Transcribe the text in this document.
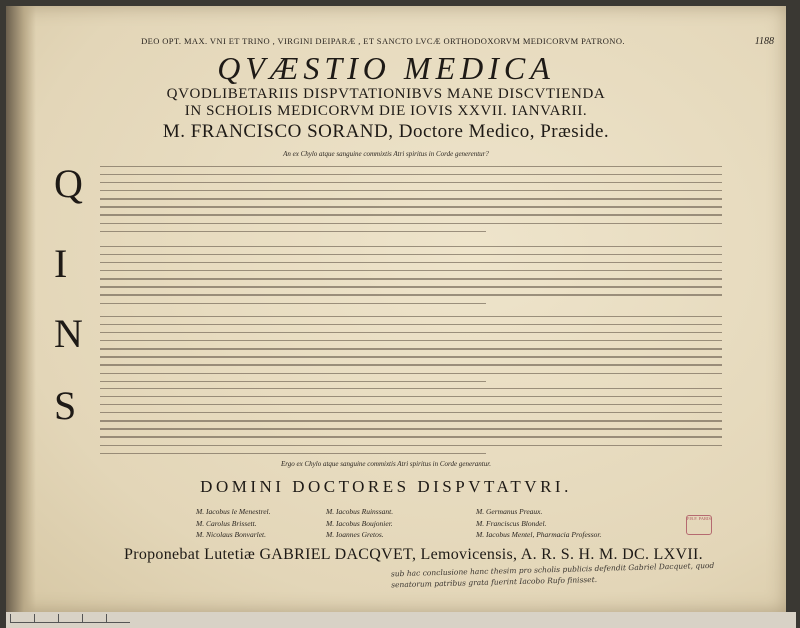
DEO OPT. MAX. VNI ET TRINO , VIRGINI DEIPARÆ , ET SANCTO LVCÆ ORTHODOXORVM MEDICORVM PATRONO.	1188
QVÆSTIO MEDICA
QVODLIBETARIIS DISPVTATIONIBVS MANE DISCVTIENDA
IN SCHOLIS MEDICORVM DIE IOVIS XXVII. IANVARII.
M. FRANCISCO SORAND, Doctore Medico, Præside.
An ex Chylo atque sanguine commixtis Atri spiritus in Corde generentur?
Q
I
N
S
Ergo ex Chylo atque sanguine commixtis Atri spiritus in Corde generantur.
DOMINI DOCTORES DISPVTATVRI.
M. Iacobus le Menestrel.
M. Carolus Brissett.
M. Nicolaus Bonvarlet.
M. Iacobus Ruinssant.
M. Iacobus Boujonier.
M. Ioannes Gretos.
M. Germanus Preaux.
M. Franciscus Blondel.
M. Iacobus Mentel, Pharmacia Professor.
P.B.F. PARIS
Proponebat Lutetiæ GABRIEL DACQVET, Lemovicensis, A. R. S. H. M. DC. LXVII.
sub hac conclusione hanc thesim pro scholis publicis defendit Gabriel Dacquet, quod senatorum patribus grata fuerint Iacobo Rufo finisset.
